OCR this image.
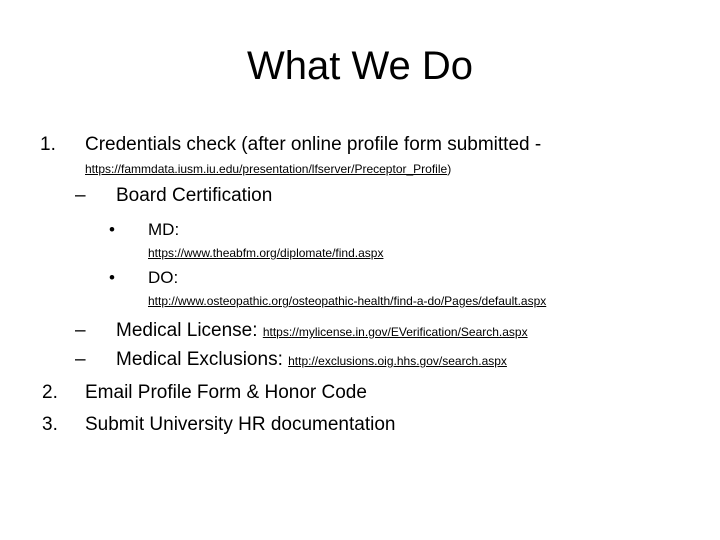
What We Do
1. Credentials check (after online profile form submitted -
https://fammdata.iusm.iu.edu/presentation/lfserver/Preceptor_Profile)
– Board Certification
• MD:
https://www.theabfm.org/diplomate/find.aspx
• DO:
http://www.osteopathic.org/osteopathic-health/find-a-do/Pages/default.aspx
– Medical License: https://mylicense.in.gov/EVerification/Search.aspx
– Medical Exclusions: http://exclusions.oig.hhs.gov/search.aspx
2. Email Profile Form & Honor Code
3. Submit University HR documentation
